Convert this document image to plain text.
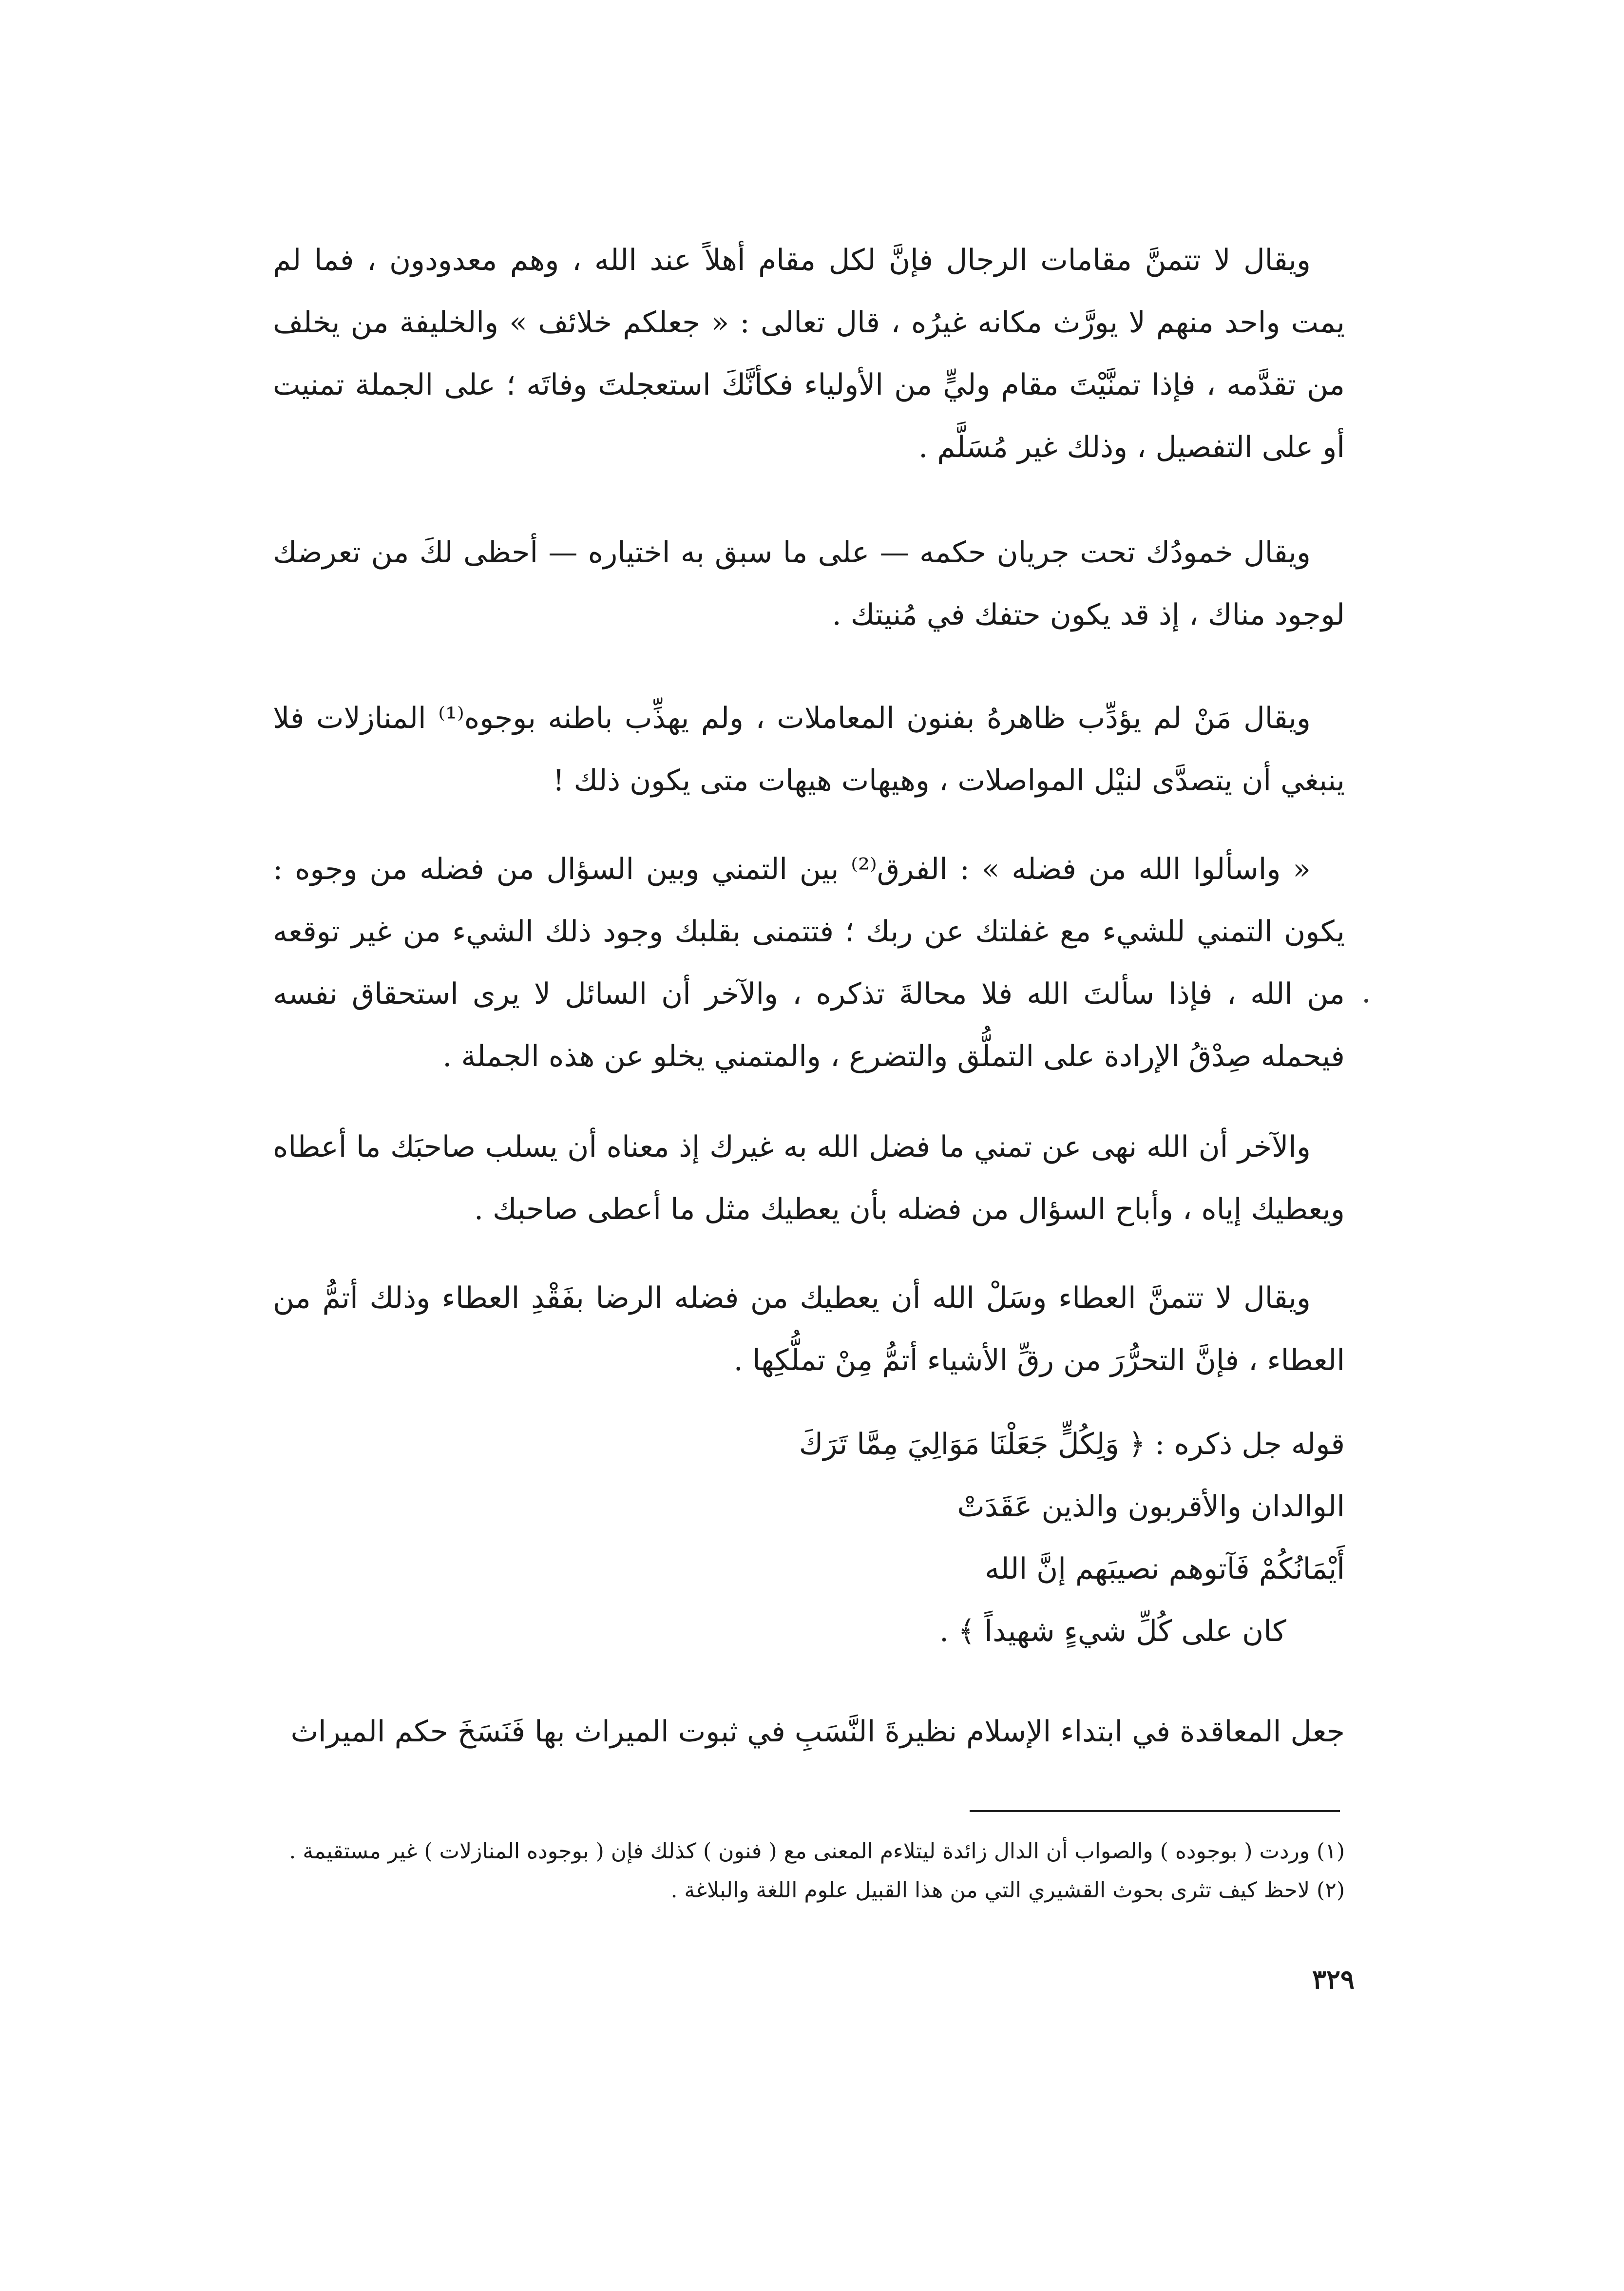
ويقال لا تتمنَّ مقامات الرجال فإنَّ لكل مقام أهلاً عند الله ، وهم معدودون ، فما لم يمت واحد منهم لا يورَّث مكانه غيرُه ، قال تعالى : « جعلكم خلائف » والخليفة من يخلف من تقدَّمه ، فإذا تمنَّيْتَ مقام وليٍّ من الأولياء فكأنَّكَ استعجلتَ وفاتَه ؛ على الجملة تمنيت أو على التفصيل ، وذلك غير مُسَلَّم .

ويقال خمودُك تحت جريان حكمه — على ما سبق به اختياره — أحظى لكَ من تعرضك لوجود مناك ، إذ قد يكون حتفك في مُنيتك .

ويقال مَنْ لم يؤدِّب ظاهرهُ بفنون المعاملات ، ولم يهذِّب باطنه بوجوه⁽¹⁾ المنازلات فلا ينبغي أن يتصدَّى لنيْل المواصلات ، وهيهات هيهات متى يكون ذلك !

« واسألوا الله من فضله » : الفرق⁽²⁾ بين التمني وبين السؤال من فضله من وجوه : يكون التمني للشيء مع غفلتك عن ربك ؛ فتتمنى بقلبك وجود ذلك الشيء من غير توقعه من الله ، فإذا سألتَ الله فلا محالةَ تذكره ، والآخر أن السائل لا يرى استحقاق نفسه فيحمله صِدْقُ الإرادة على التملُّق والتضرع ، والمتمني يخلو عن هذه الجملة .

والآخر أن الله نهى عن تمني ما فضل الله به غيرك إذ معناه أن يسلب صاحبَك ما أعطاه ويعطيك إياه ، وأباح السؤال من فضله بأن يعطيك مثل ما أعطى صاحبك .

ويقال لا تتمنَّ العطاء وسَلْ الله أن يعطيك من فضله الرضا بفَقْدِ العطاء وذلك أتمُّ من العطاء ، فإنَّ التحرُّرَ من رقِّ الأشياء أتمُّ مِنْ تملُّكِها .

قوله جل ذكره : ﴿ وَلِكُلٍّ جَعَلْنَا مَوَالِيَ مِمَّا تَرَكَ
الوالدان والأقربون والذين عَقَدَتْ
أَيْمَانُكُمْ فَآتوهم نصيبَهم إنَّ الله
كان على كُلِّ شيءٍ شهيداً ﴾ .

جعل المعاقدة في ابتداء الإسلام نظيرةَ النَّسَبِ في ثبوت الميراث بها فَنَسَخَ حكم الميراث

(١) وردت ( بوجوده ) والصواب أن الدال زائدة ليتلاءم المعنى مع ( فنون ) كذلك فإن ( بوجوده المنازلات ) غير مستقيمة .

(٢) لاحظ كيف تثرى بحوث القشيري التي من هذا القبيل علوم اللغة والبلاغة .

٣٢٩
